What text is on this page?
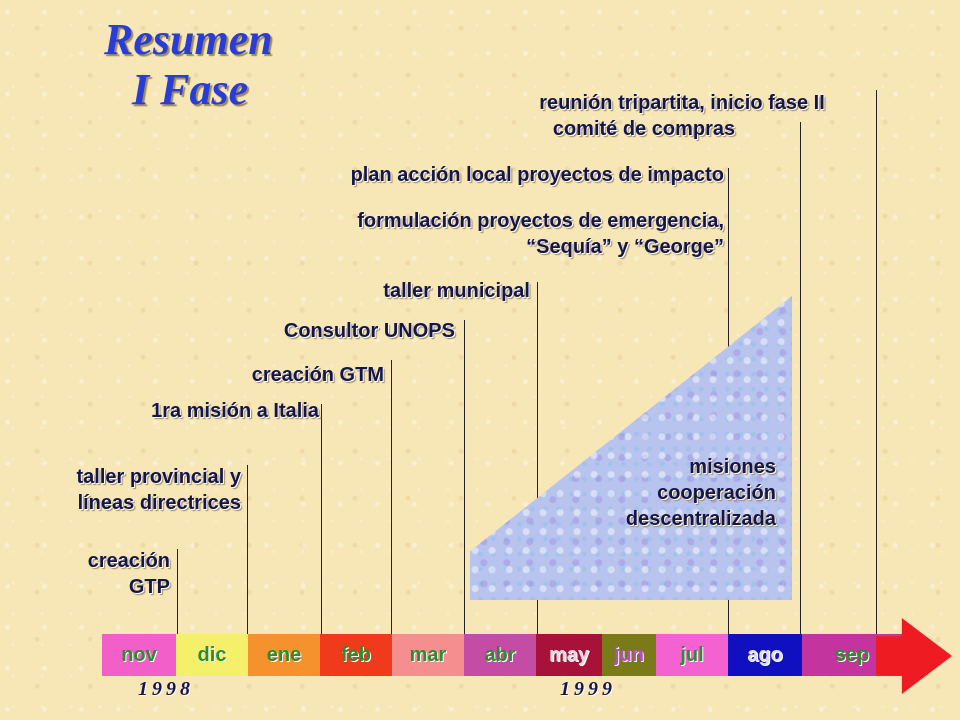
Resumen
I Fase
misiones
cooperación
descentralizada
reunión tripartita, inicio fase II
comité de compras
plan acción local proyectos de impacto
formulación proyectos de emergencia,
“Sequía” y “George”
taller municipal
Consultor UNOPS
creación GTM
1ra misión a Italia
taller provincial y
líneas directrices
creación
GTP
nov	dic	ene	feb	mar	abr	may	jun	jul	ago	sep
1998	1999
